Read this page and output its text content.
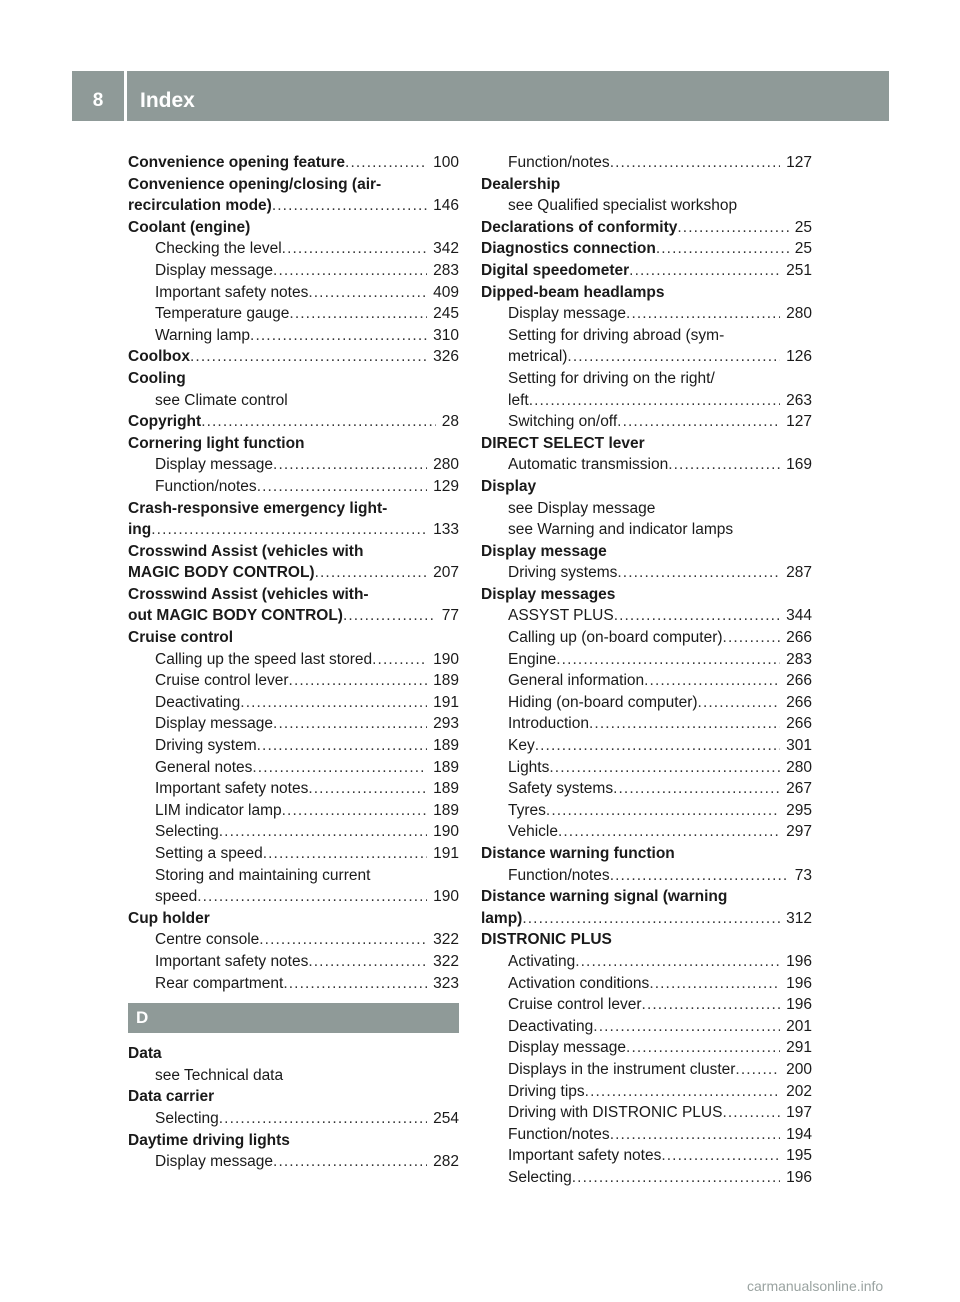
8	Index
Convenience opening feature . . .	100
Convenience opening/closing (air-
recirculation mode) . . .	146
Coolant (engine)
Checking the level . . .	342
Display message . . .	283
Important safety notes . . .	409
Temperature gauge . . .	245
Warning lamp . . .	310
Coolbox . . .	326
Cooling
see Climate control
Copyright . . .	28
Cornering light function
Display message . . .	280
Function/notes . . .	129
Crash-responsive emergency light-
ing . . .	133
Crosswind Assist (vehicles with
MAGIC BODY CONTROL) . . .	207
Crosswind Assist (vehicles with-
out MAGIC BODY CONTROL) . . .	77
Cruise control
Calling up the speed last stored . . .	190
Cruise control lever . . .	189
Deactivating . . .	191
Display message . . .	293
Driving system . . .	189
General notes . . .	189
Important safety notes . . .	189
LIM indicator lamp . . .	189
Selecting . . .	190
Setting a speed . . .	191
Storing and maintaining current
speed . . .	190
Cup holder
Centre console . . .	322
Important safety notes . . .	322
Rear compartment . . .	323
D
Data
see Technical data
Data carrier
Selecting . . .	254
Daytime driving lights
Display message . . .	282
Function/notes . . .	127
Dealership
see Qualified specialist workshop
Declarations of conformity . . .	25
Diagnostics connection . . .	25
Digital speedometer . . .	251
Dipped-beam headlamps
Display message . . .	280
Setting for driving abroad (sym-
metrical) . . .	126
Setting for driving on the right/
left . . .	263
Switching on/off . . .	127
DIRECT SELECT lever
Automatic transmission . . .	169
Display
see Display message
see Warning and indicator lamps
Display message
Driving systems . . .	287
Display messages
ASSYST PLUS . . .	344
Calling up (on-board computer) . . .	266
Engine . . .	283
General information . . .	266
Hiding (on-board computer) . . .	266
Introduction . . .	266
Key . . .	301
Lights . . .	280
Safety systems . . .	267
Tyres . . .	295
Vehicle . . .	297
Distance warning function
Function/notes . . .	73
Distance warning signal (warning
lamp) . . .	312
DISTRONIC PLUS
Activating . . .	196
Activation conditions . . .	196
Cruise control lever . . .	196
Deactivating . . .	201
Display message . . .	291
Displays in the instrument cluster . . .	200
Driving tips . . .	202
Driving with DISTRONIC PLUS . . .	197
Function/notes . . .	194
Important safety notes . . .	195
Selecting . . .	196
carmanualsonline.info
